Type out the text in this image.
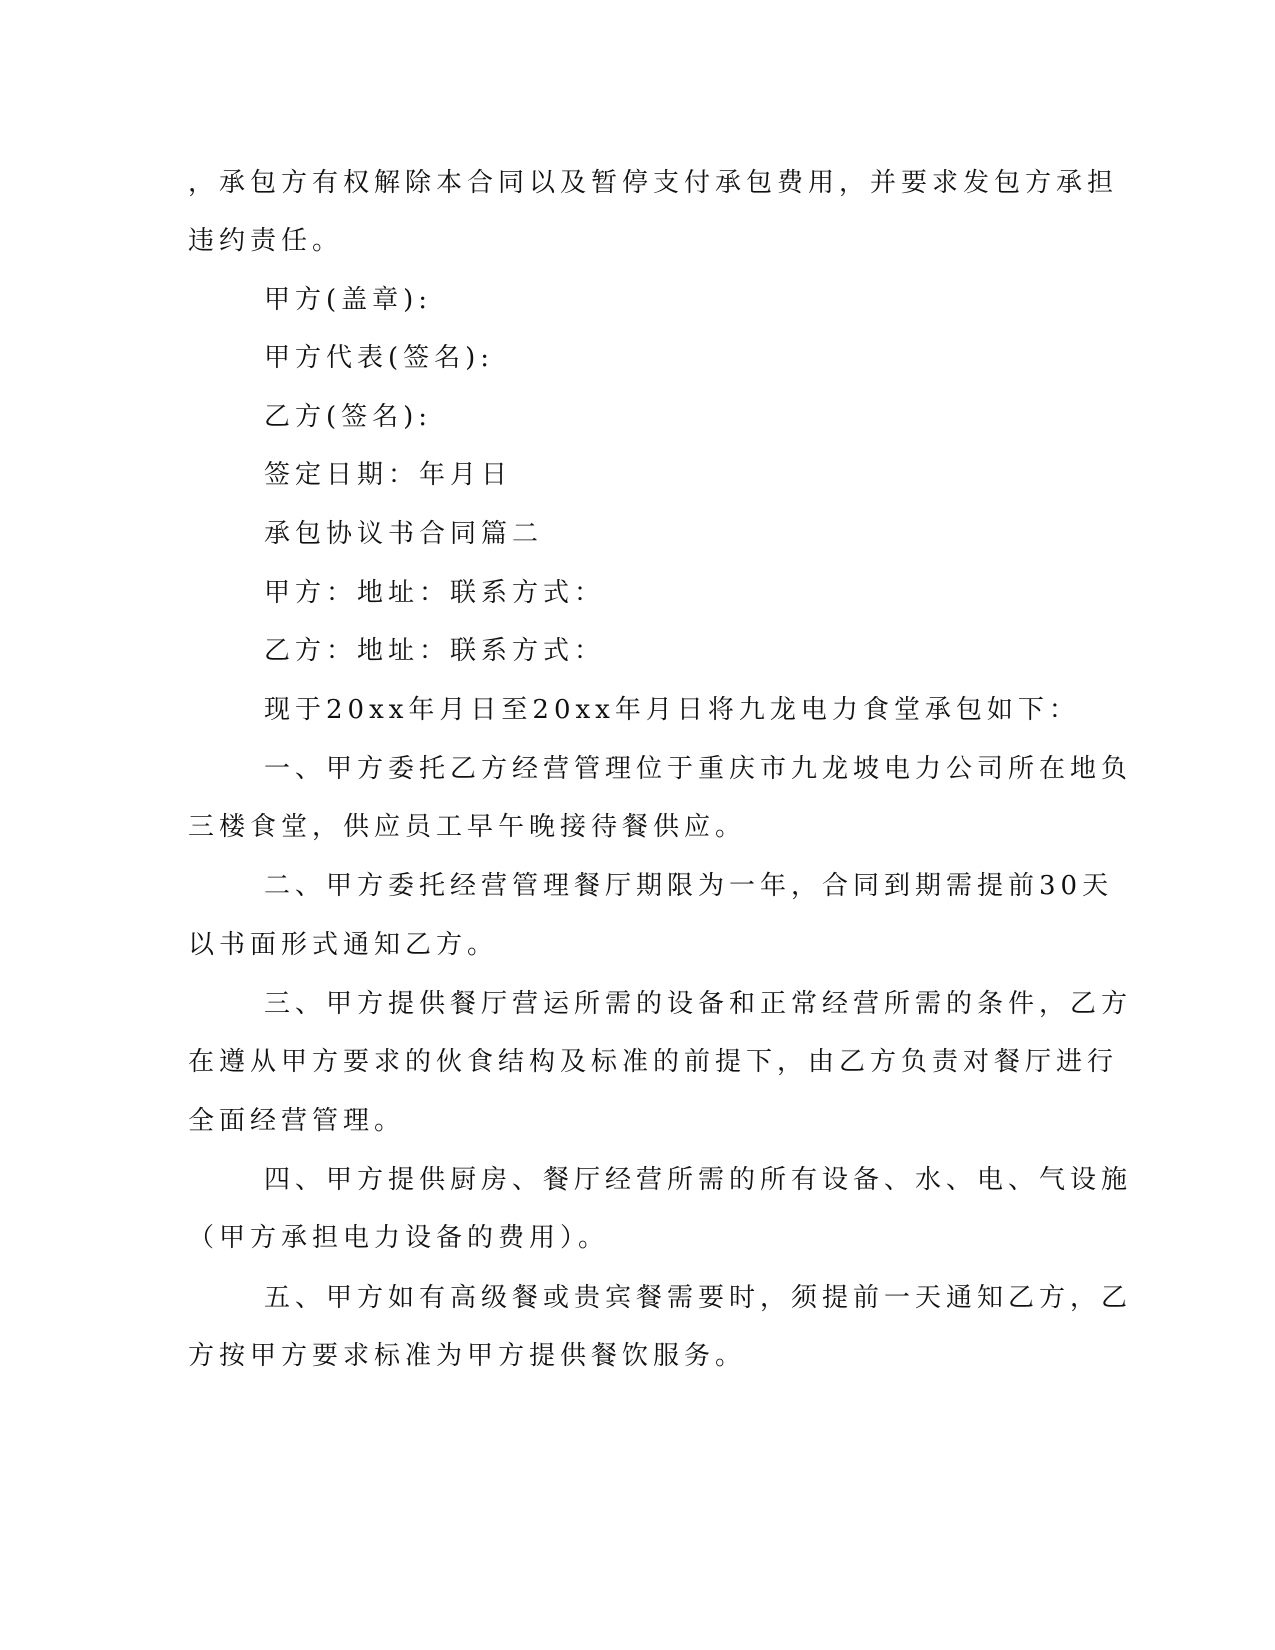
，承包方有权解除本合同以及暂停支付承包费用，并要求发包方承担
违约责任。
甲方(盖章):
甲方代表(签名):
乙方(签名):
签定日期：年月日
承包协议书合同篇二
甲方：地址：联系方式：
乙方：地址：联系方式：
现于20xx年月日至20xx年月日将九龙电力食堂承包如下：
一、甲方委托乙方经营管理位于重庆市九龙坡电力公司所在地负
三楼食堂，供应员工早午晚接待餐供应。
二、甲方委托经营管理餐厅期限为一年，合同到期需提前30天
以书面形式通知乙方。
三、甲方提供餐厅营运所需的设备和正常经营所需的条件，乙方
在遵从甲方要求的伙食结构及标准的前提下，由乙方负责对餐厅进行
全面经营管理。
四、甲方提供厨房、餐厅经营所需的所有设备、水、电、气设施
（甲方承担电力设备的费用）。
五、甲方如有高级餐或贵宾餐需要时，须提前一天通知乙方，乙
方按甲方要求标准为甲方提供餐饮服务。
